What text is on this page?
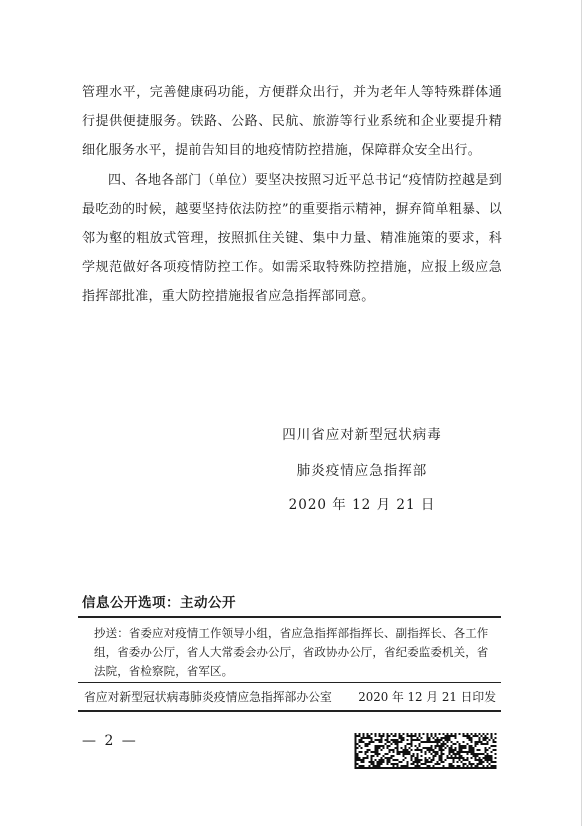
管理水平，完善健康码功能，方便群众出行，并为老年人等特殊群体通行提供便捷服务。铁路、公路、民航、旅游等行业系统和企业要提升精细化服务水平，提前告知目的地疫情防控措施，保障群众安全出行。

四、各地各部门（单位）要坚决按照习近平总书记“疫情防控越是到最吃劲的时候，越要坚持依法防控”的重要指示精神，摒弃简单粗暴、以邻为壑的粗放式管理，按照抓住关键、集中力量、精准施策的要求，科学规范做好各项疫情防控工作。如需采取特殊防控措施，应报上级应急指挥部批准，重大防控措施报省应急指挥部同意。

四川省应对新型冠状病毒
肺炎疫情应急指挥部
2020 年 12 月 21 日
信息公开选项：主动公开
抄送：省委应对疫情工作领导小组，省应急指挥部指挥长、副指挥长、各工作组，省委办公厅，省人大常委会办公厅，省政协办公厅，省纪委监委机关，省法院，省检察院，省军区。
省应对新型冠状病毒肺炎疫情应急指挥部办公室 2020 年 12 月 21 日印发
— 2 —
